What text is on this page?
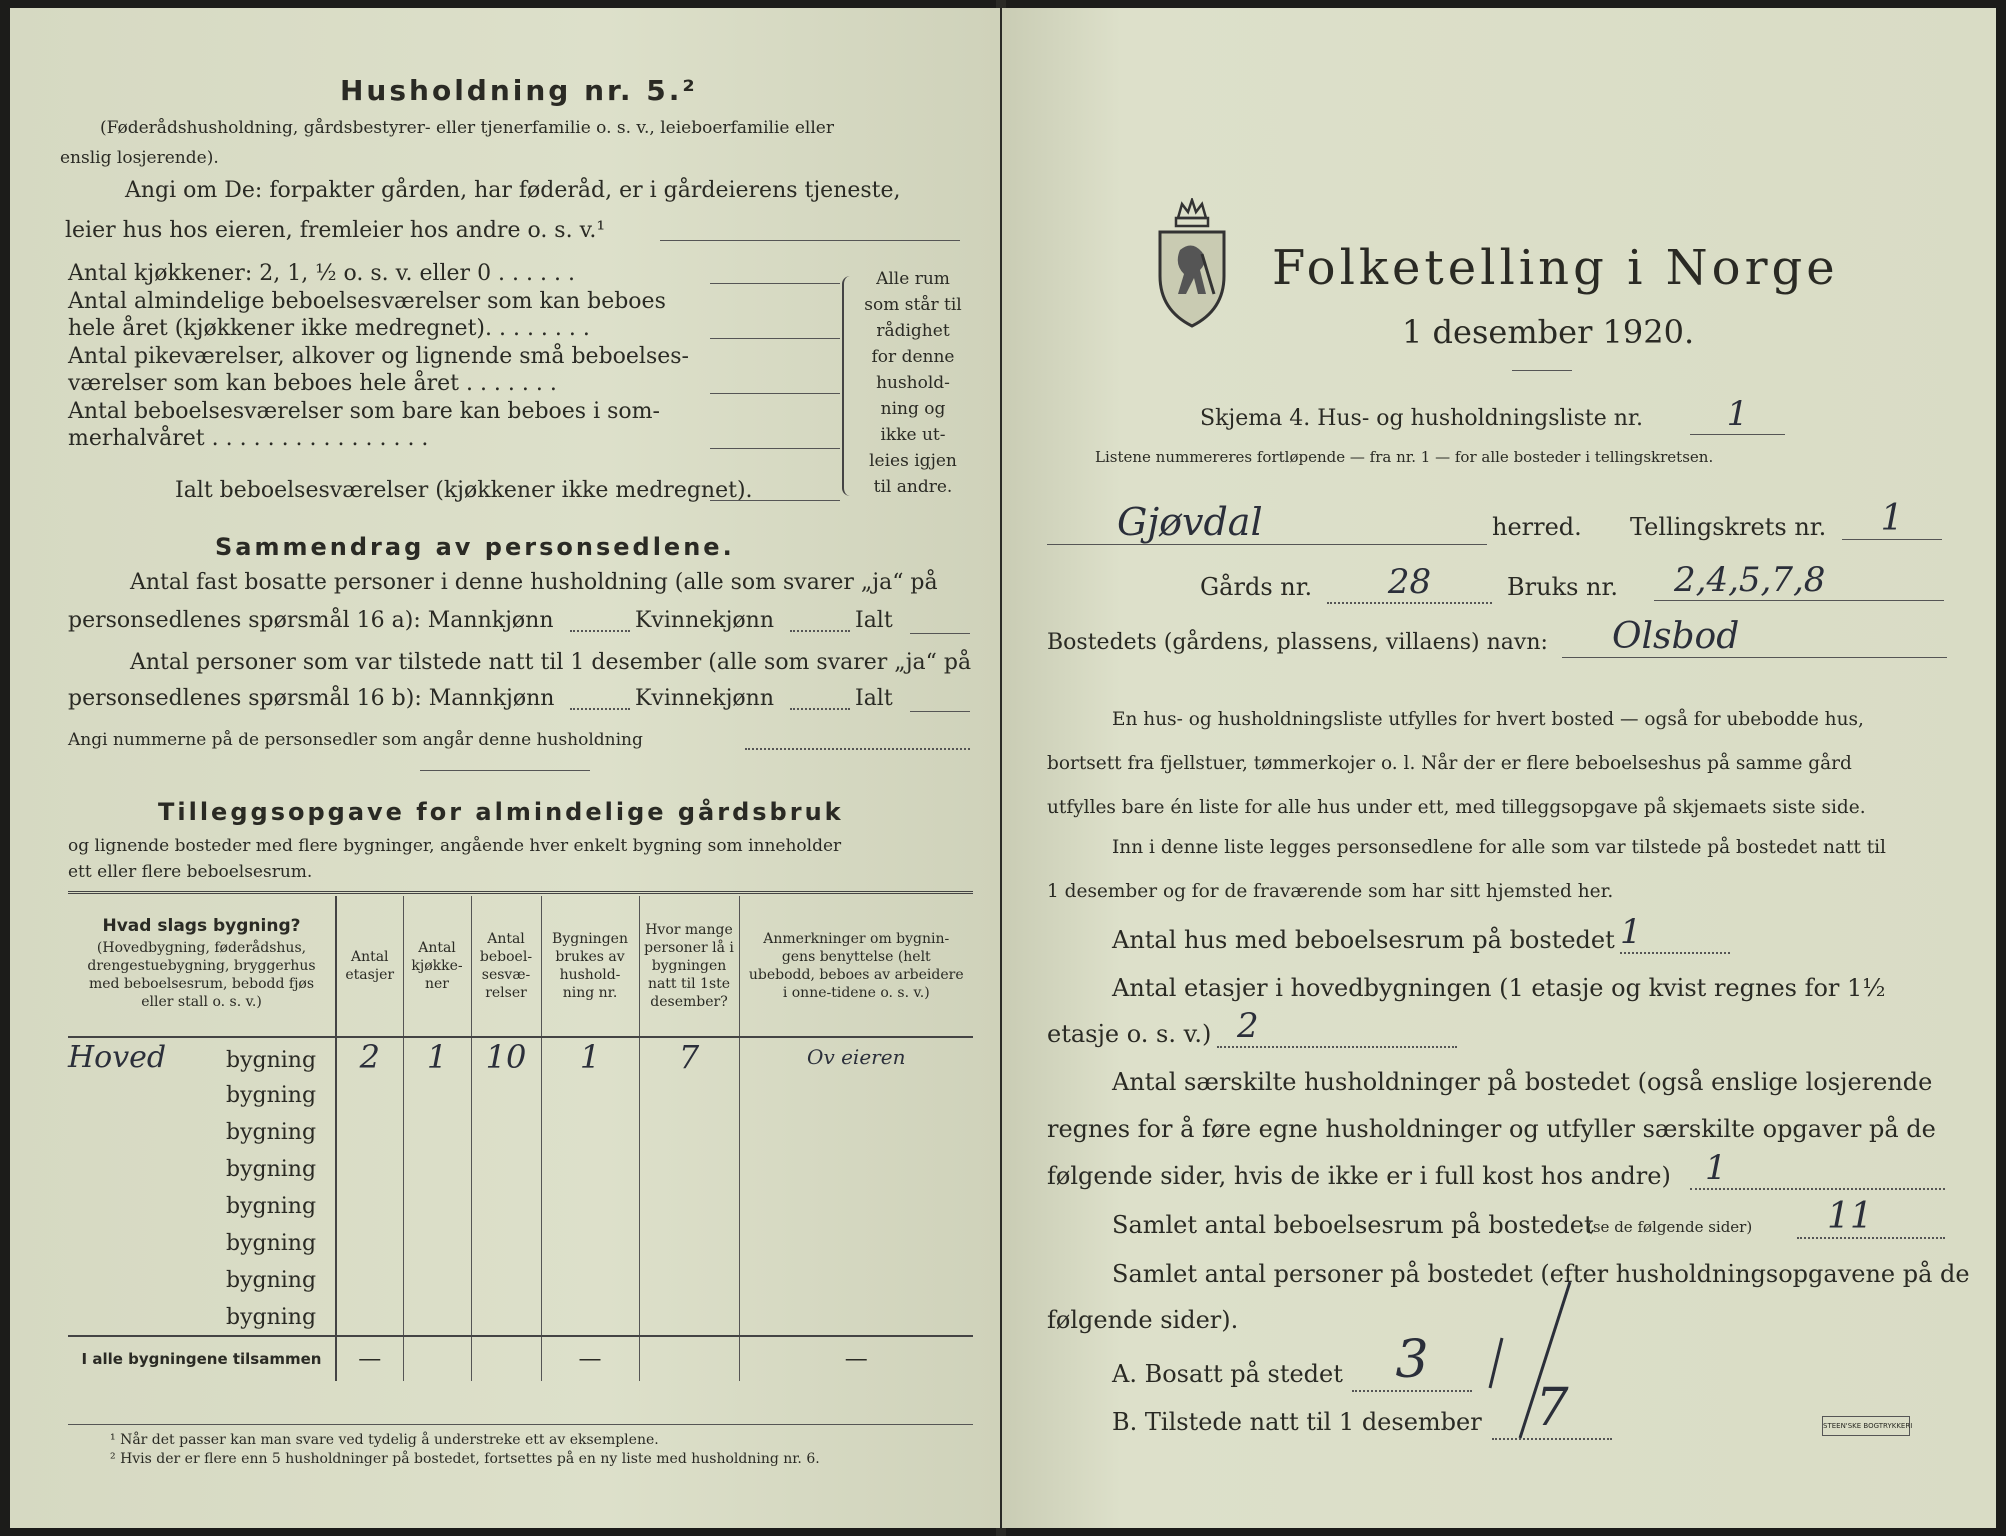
Husholdning nr. 5.²
(Føderådshusholdning, gårdsbestyrer- eller tjenerfamilie o. s. v., leieboerfamilie eller
enslig losjerende).
Angi om De: forpakter gården, har føderåd, er i gårdeierens tjeneste,
leier hus hos eieren, fremleier hos andre o. s. v.¹
Antal kjøkkener: 2, 1, ½ o. s. v. eller 0 . . . . . .
Antal almindelige beboelsesværelser som kan beboes
hele året (kjøkkener ikke medregnet). . . . . . . .
Antal pikeværelser, alkover og lignende små beboelses-
værelser som kan beboes hele året . . . . . . .
Antal beboelsesværelser som bare kan beboes i som-
merhalvåret . . . . . . . . . . . . . . . .
Ialt beboelsesværelser (kjøkkener ikke medregnet).
Alle rum
som står til
rådighet
for denne
hushold-
ning og
ikke ut-
leies igjen
til andre.
Sammendrag av personsedlene.
Antal fast bosatte personer i denne husholdning (alle som svarer „ja“ på
personsedlenes spørsmål 16 a): Mannkjønn	Kvinnekjønn	Ialt
Antal personer som var tilstede natt til 1 desember (alle som svarer „ja“ på
personsedlenes spørsmål 16 b): Mannkjønn	Kvinnekjønn	Ialt
Angi nummerne på de personsedler som angår denne husholdning
Tilleggsopgave for almindelige gårdsbruk
og lignende bosteder med flere bygninger, angående hver enkelt bygning som inneholder
ett eller flere beboelsesrum.
Hvad slags bygning?
(Hovedbygning, føderådshus, drengestuebygning, bryggerhus med beboelsesrum, bebodd fjøs eller stall o. s. v.)	Antal etasjer	Antal kjøkke-ner	Antal beboel-sesvæ-relser	Bygningen brukes av hushold-ning nr.	Hvor mange personer lå i bygningen natt til 1ste desember?	Anmerkninger om bygnin-gens benyttelse (helt ubebodd, beboes av arbeidere i onne-tidene o. s. v.)

Hoved bygning	2	1	10	1	7	Ov eieren
bygning						
bygning						
bygning						
bygning						
bygning						
bygning						
bygning						
I alle bygningene tilsammen	—			—		—
¹ Når det passer kan man svare ved tydelig å understreke ett av eksemplene.
² Hvis der er flere enn 5 husholdninger på bostedet, fortsettes på en ny liste med husholdning nr. 6.
Folketelling i Norge
1 desember 1920.
Skjema 4. Hus- og husholdningsliste nr.	1
Listene nummereres fortløpende — fra nr. 1 — for alle bosteder i tellingskretsen.
Gjøvdal	herred. Tellingskrets nr.	1
Gårds nr.	28	Bruks nr.	2,4,5,7,8
Bostedets (gårdens, plassens, villaens) navn:	Olsbod
En hus- og husholdningsliste utfylles for hvert bosted — også for ubebodde hus,
bortsett fra fjellstuer, tømmerkojer o. l. Når der er flere beboelseshus på samme gård
utfylles bare én liste for alle hus under ett, med tilleggsopgave på skjemaets siste side.
Inn i denne liste legges personsedlene for alle som var tilstede på bostedet natt til
1 desember og for de fraværende som har sitt hjemsted her.
Antal hus med beboelsesrum på bostedet 1
Antal etasjer i hovedbygningen (1 etasje og kvist regnes for 1½
etasje o. s. v.) 2
Antal særskilte husholdninger på bostedet (også enslige losjerende
regnes for å føre egne husholdninger og utfyller særskilte opgaver på de
følgende sider, hvis de ikke er i full kost hos andre)	1
Samlet antal beboelsesrum på bostedet
(se de følgende sider)	11
Samlet antal personer på bostedet (efter husholdningsopgavene på de
følgende sider).
A. Bosatt på stedet	3
B. Tilstede natt til 1 desember	7	STEEN'SKE BOGTRYKKERI
